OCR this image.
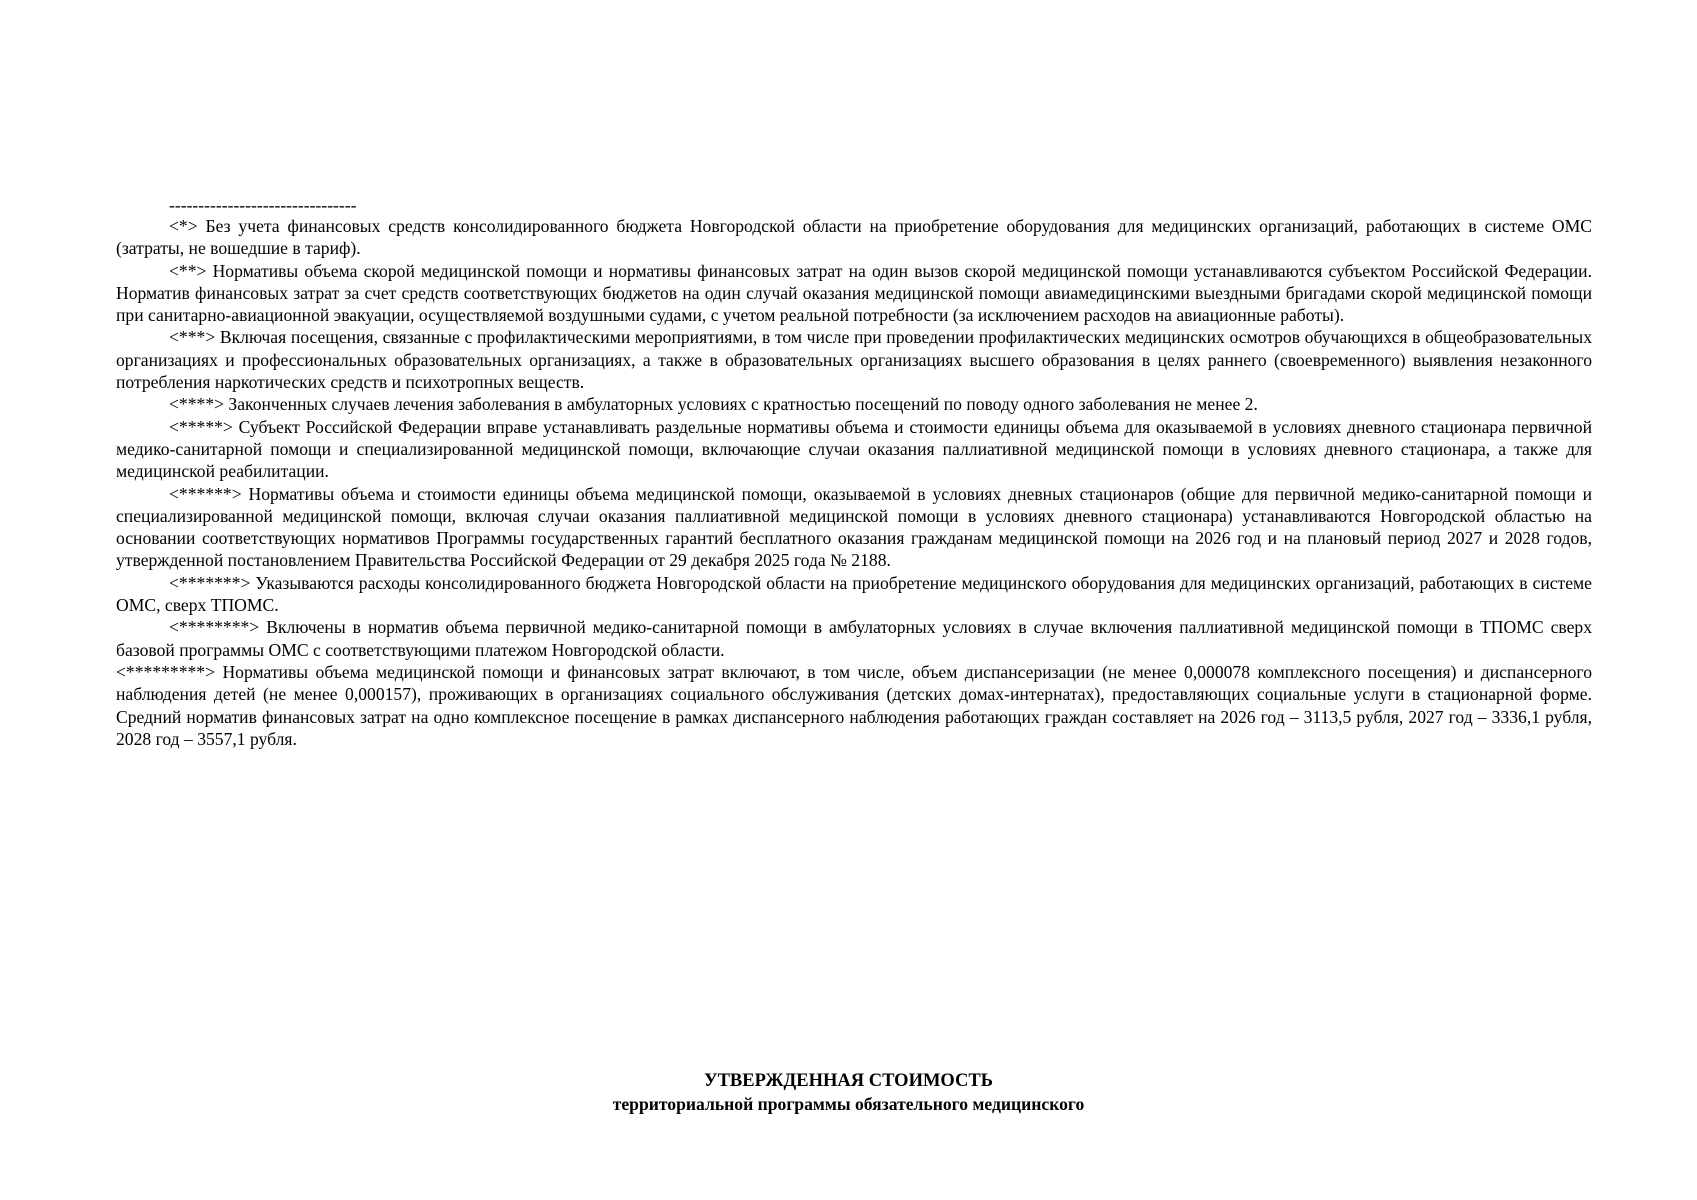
--------------------------------

<*> Без учета финансовых средств консолидированного бюджета Новгородской области на приобретение оборудования для медицинских организаций, работающих в системе ОМС (затраты, не вошедшие в тариф).

<**> Нормативы объема скорой медицинской помощи и нормативы финансовых затрат на один вызов скорой медицинской помощи устанавливаются субъектом Российской Федерации. Норматив финансовых затрат за счет средств соответствующих бюджетов на один случай оказания медицинской помощи авиамедицинскими выездными бригадами скорой медицинской помощи при санитарно-авиационной эвакуации, осуществляемой воздушными судами, с учетом реальной потребности (за исключением расходов на авиационные работы).

<***> Включая посещения, связанные с профилактическими мероприятиями, в том числе при проведении профилактических медицинских осмотров обучающихся в общеобразовательных организациях и профессиональных образовательных организациях, а также в образовательных организациях высшего образования в целях раннего (своевременного) выявления незаконного потребления наркотических средств и психотропных веществ.

<****> Законченных случаев лечения заболевания в амбулаторных условиях с кратностью посещений по поводу одного заболевания не менее 2.

<*****> Субъект Российской Федерации вправе устанавливать раздельные нормативы объема и стоимости единицы объема для оказываемой в условиях дневного стационара первичной медико-санитарной помощи и специализированной медицинской помощи, включающие случаи оказания паллиативной медицинской помощи в условиях дневного стационара, а также для медицинской реабилитации.

<******> Нормативы объема и стоимости единицы объема медицинской помощи, оказываемой в условиях дневных стационаров (общие для первичной медико-санитарной помощи и специализированной медицинской помощи, включая случаи оказания паллиативной медицинской помощи в условиях дневного стационара) устанавливаются Новгородской областью на основании соответствующих нормативов Программы государственных гарантий бесплатного оказания гражданам медицинской помощи на 2026 год и на плановый период 2027 и 2028 годов, утвержденной постановлением Правительства Российской Федерации от 29 декабря 2025 года № 2188.

<*******> Указываются расходы консолидированного бюджета Новгородской области на приобретение медицинского оборудования для медицинских организаций, работающих в системе ОМС, сверх ТПОМС.

<********> Включены в норматив объема первичной медико-санитарной помощи в амбулаторных условиях в случае включения паллиативной медицинской помощи в ТПОМС сверх базовой программы ОМС с соответствующими платежом Новгородской области.

<*********> Нормативы объема медицинской помощи и финансовых затрат включают, в том числе, объем диспансеризации (не менее 0,000078 комплексного посещения) и диспансерного наблюдения детей (не менее 0,000157), проживающих в организациях социального обслуживания (детских домах-интернатах), предоставляющих социальные услуги в стационарной форме. Средний норматив финансовых затрат на одно комплексное посещение в рамках диспансерного наблюдения работающих граждан составляет на 2026 год – 3113,5 рубля, 2027 год – 3336,1 рубля, 2028 год – 3557,1 рубля.

УТВЕРЖДЕННАЯ СТОИМОСТЬ
территориальной программы обязательного медицинского
